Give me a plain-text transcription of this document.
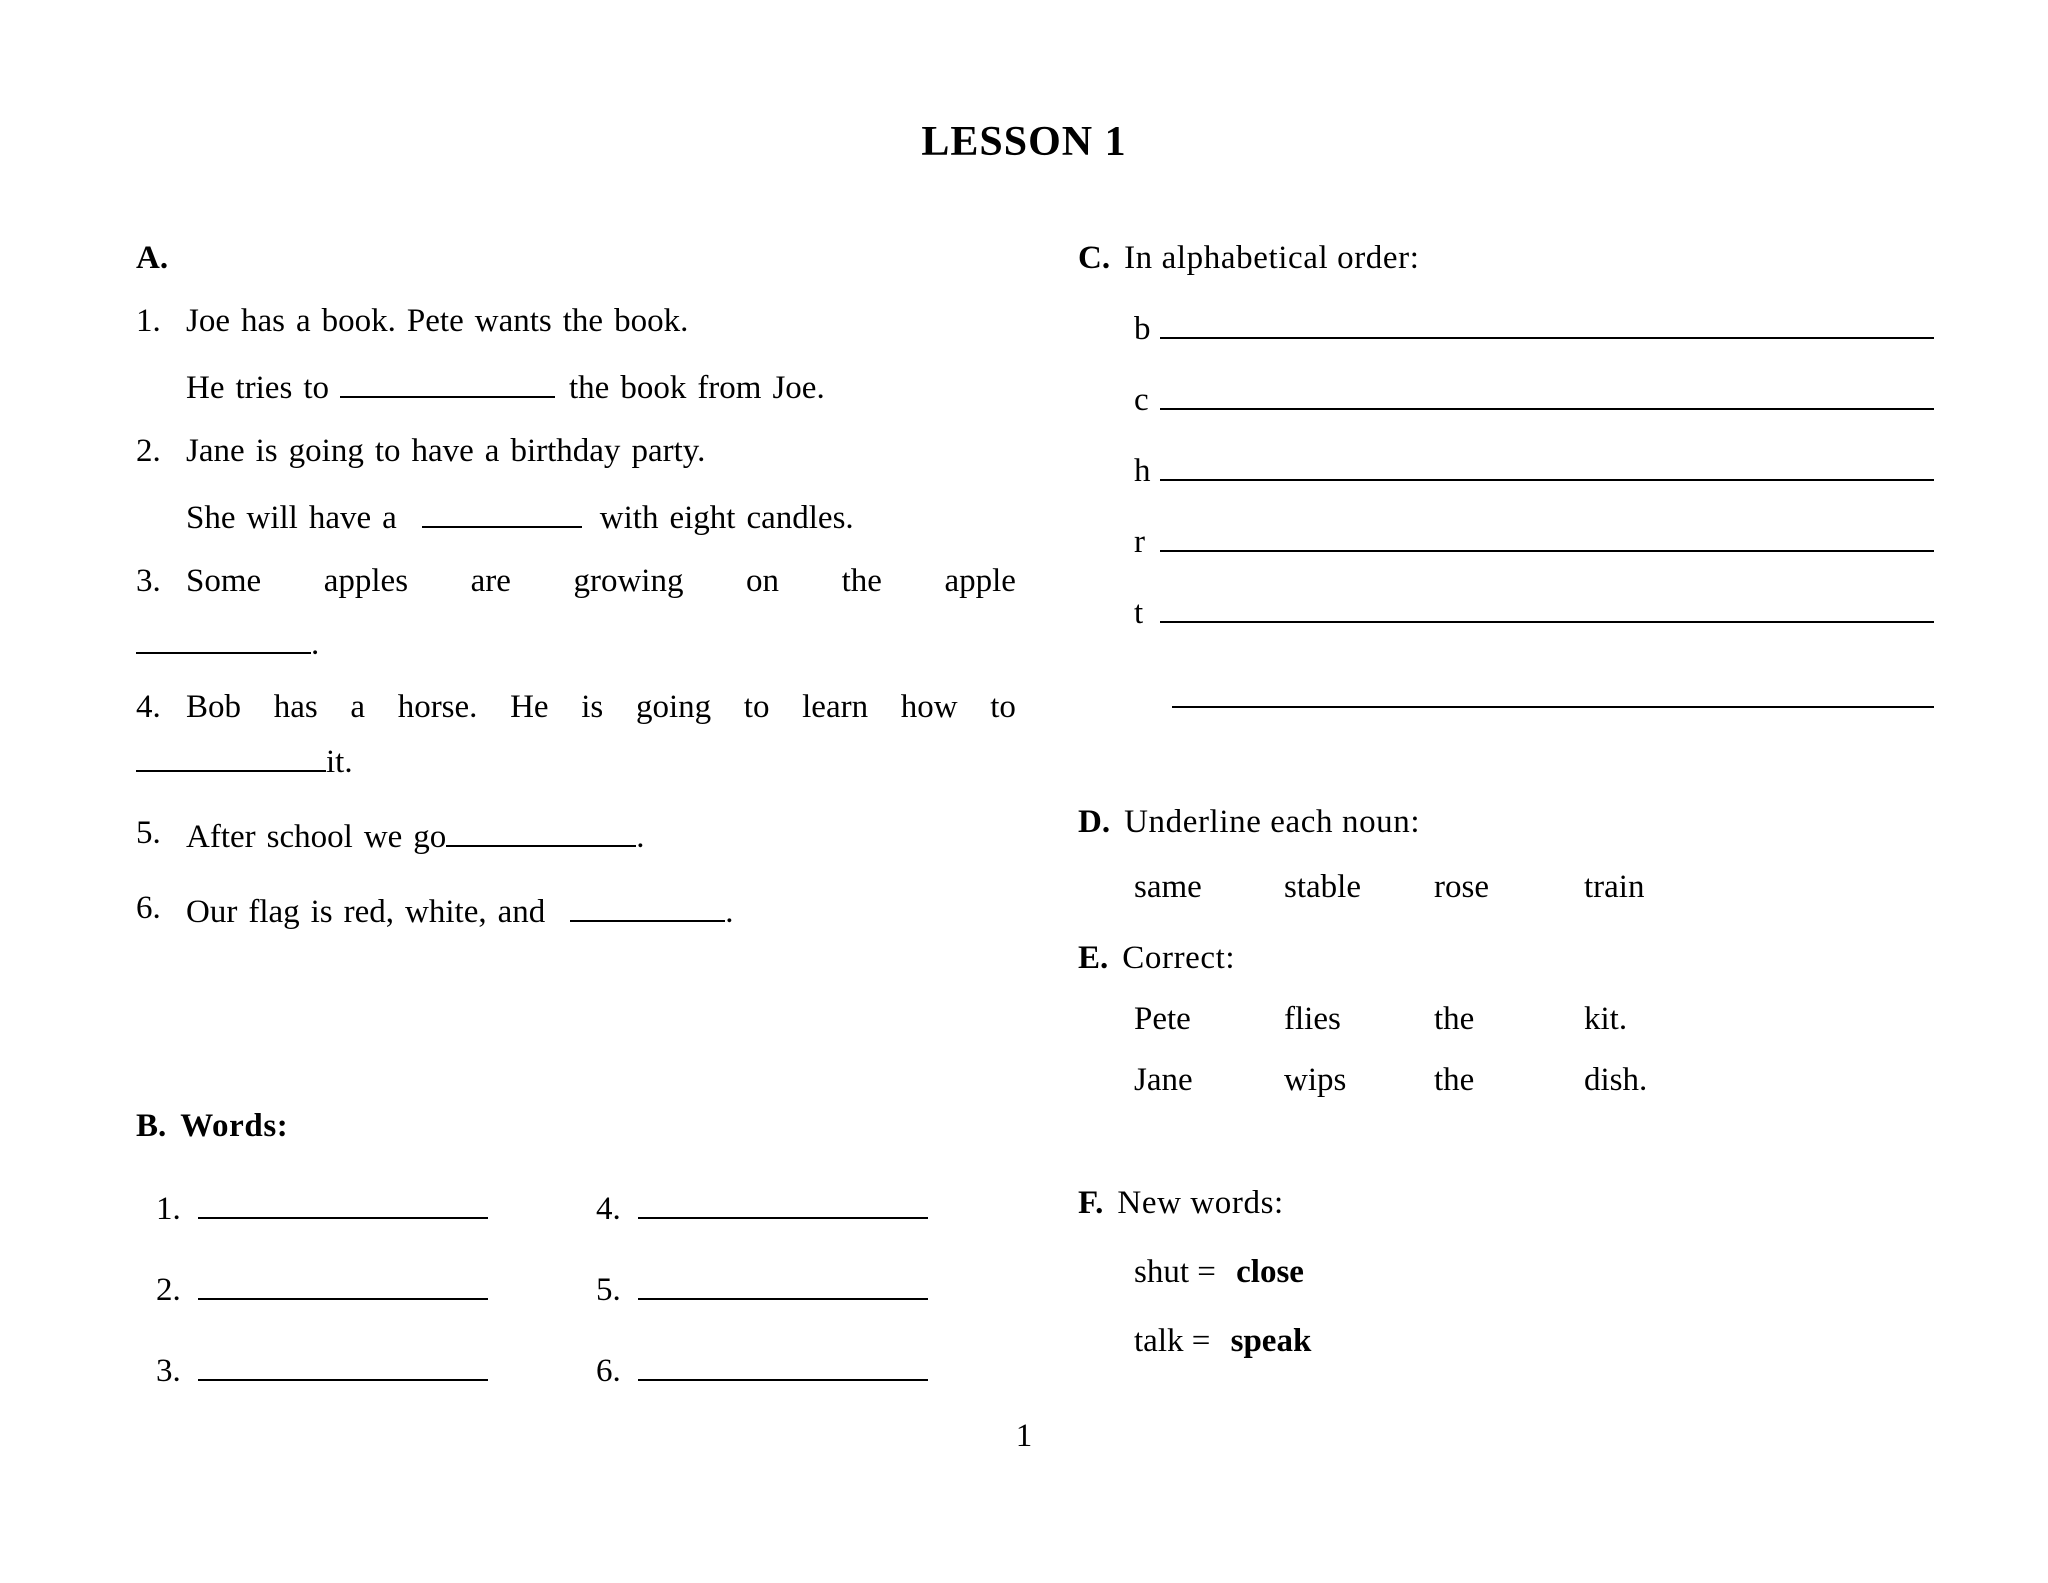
LESSON 1
A.
1. Joe has a book. Pete wants the book.
He tries to	the book from Joe.
2. Jane is going to have a birthday party.
She will have a	with eight candles.
3. Some apples are growing on the apple
.
4. Bob has a horse. He is going to learn how to
it.
5. After school we go	.
6. Our flag is red, white, and	.
B. Words:
1.	4.
2.	5.
3.	6.
C. In alphabetical order:
b
c
h
r
t
D. Underline each noun:
same	stable	rose	train
E. Correct:
Pete	flies	the	kit.
Jane	wips	the	dish.
F. New words:
shut = close
talk = speak
1
